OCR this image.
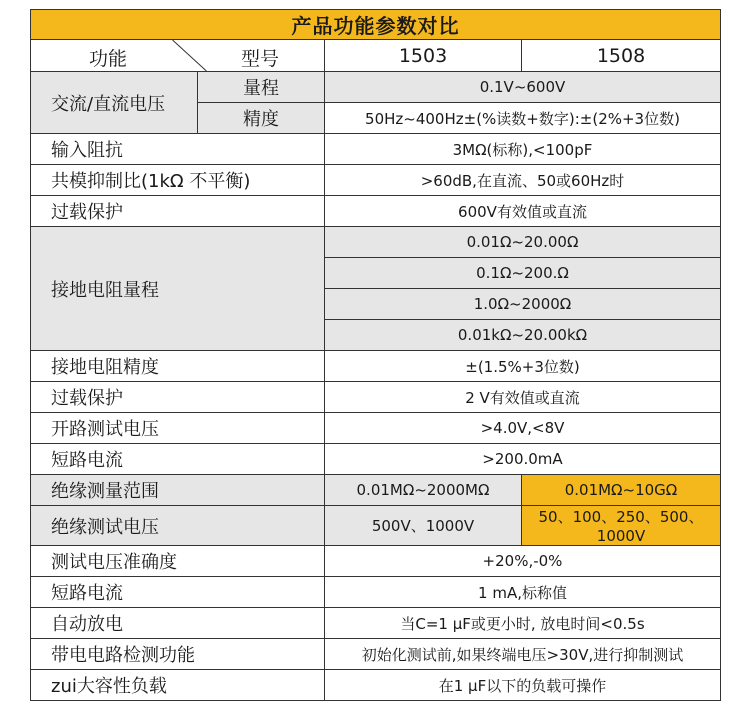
产品功能参数对比			

功能 型号		1503	1508
交流/直流电压	量程	0.1V~600V	
	精度	50Hz~400Hz±(%读数+数字):±(2%+3位数)	
输入阻抗		3MΩ(标称),<100pF	
共模抑制比(1kΩ 不平衡)		>60dB,在直流、50或60Hz时	
过载保护		600V有效值或直流	
接地电阻量程		0.01Ω~20.00Ω	
		0.1Ω~200.Ω	
		1.0Ω~2000Ω	
		0.01kΩ~20.00kΩ	
接地电阻精度		±(1.5%+3位数)	
过载保护		2 V有效值或直流	
开路测试电压		>4.0V,<8V	
短路电流		>200.0mA	
绝缘测量范围		0.01MΩ~2000MΩ	0.01MΩ~10GΩ
绝缘测试电压		500V、1000V	50、100、250、500、1000V
测试电压准确度		+20%,-0%	
短路电流		1 mA,标称值	
自动放电		当C=1 μF或更小时, 放电时间<0.5s	
带电电路检测功能		初始化测试前,如果终端电压>30V,进行抑制测试	
zui大容性负载		在1 μF以下的负载可操作	
